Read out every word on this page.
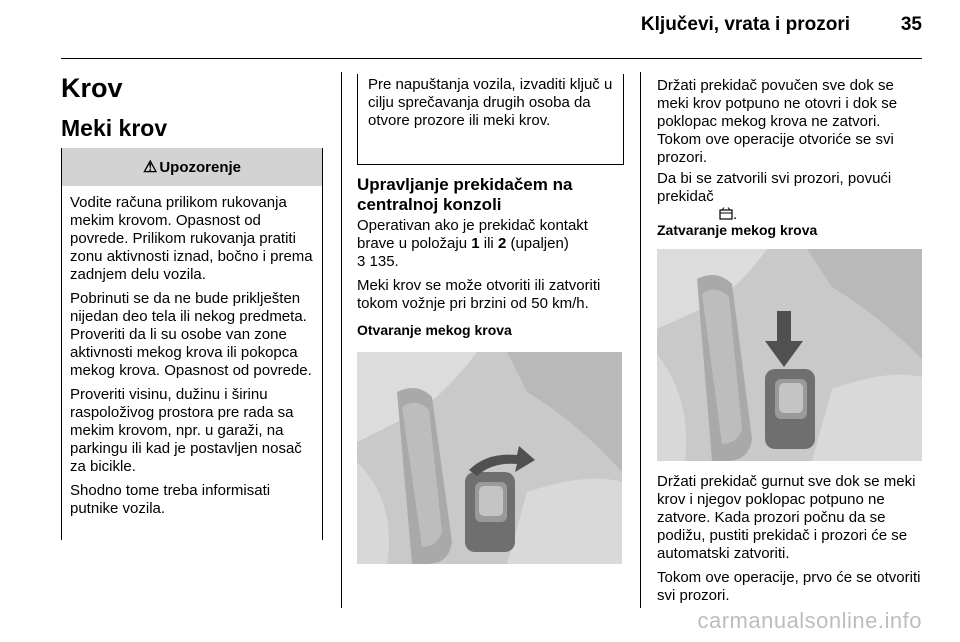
Ključevi, vrata i prozori	35
Krov
Meki krov
⚠ Upozorenje

Vodite računa prilikom rukovanja mekim krovom. Opasnost od povrede. Prilikom rukovanja pratiti zonu aktivnosti iznad, bočno i prema zadnjem delu vozila.

Pobrinuti se da ne bude priklješten nijedan deo tela ili nekog predmeta. Proveriti da li su osobe van zone aktivnosti mekog krova ili pokopca mekog krova. Opasnost od povrede.

Proveriti visinu, dužinu i širinu raspoloživog prostora pre rada sa mekim krovom, npr. u garaži, na parkingu ili kad je postavljen nosač za bicikle.

Shodno tome treba informisati putnike vozila.

Pre napuštanja vozila, izvaditi ključ u cilju sprečavanja drugih osoba da otvore prozore ili meki krov.
Upravljanje prekidačem na centralnoj konzoli
Operativan ako je prekidač kontakt brave u položaju 1 ili 2 (upaljen)
3 135.
Meki krov se može otvoriti ili zatvoriti tokom vožnje pri brzini od 50 km/h.
Otvaranje mekog krova
Držati prekidač povučen sve dok se meki krov potpuno ne otovri i dok se poklopac mekog krova ne zatvori. Tokom ove operacije otvoriće se svi prozori.
Da bi se zatvorili svi prozori, povući prekidač
.
Zatvaranje mekog krova
Držati prekidač gurnut sve dok se meki krov i njegov poklopac potpuno ne zatvore. Kada prozori počnu da se podižu, pustiti prekidač i prozori će se automatski zatvoriti.
Tokom ove operacije, prvo će se otvoriti svi prozori.
carmanualsonline.info
